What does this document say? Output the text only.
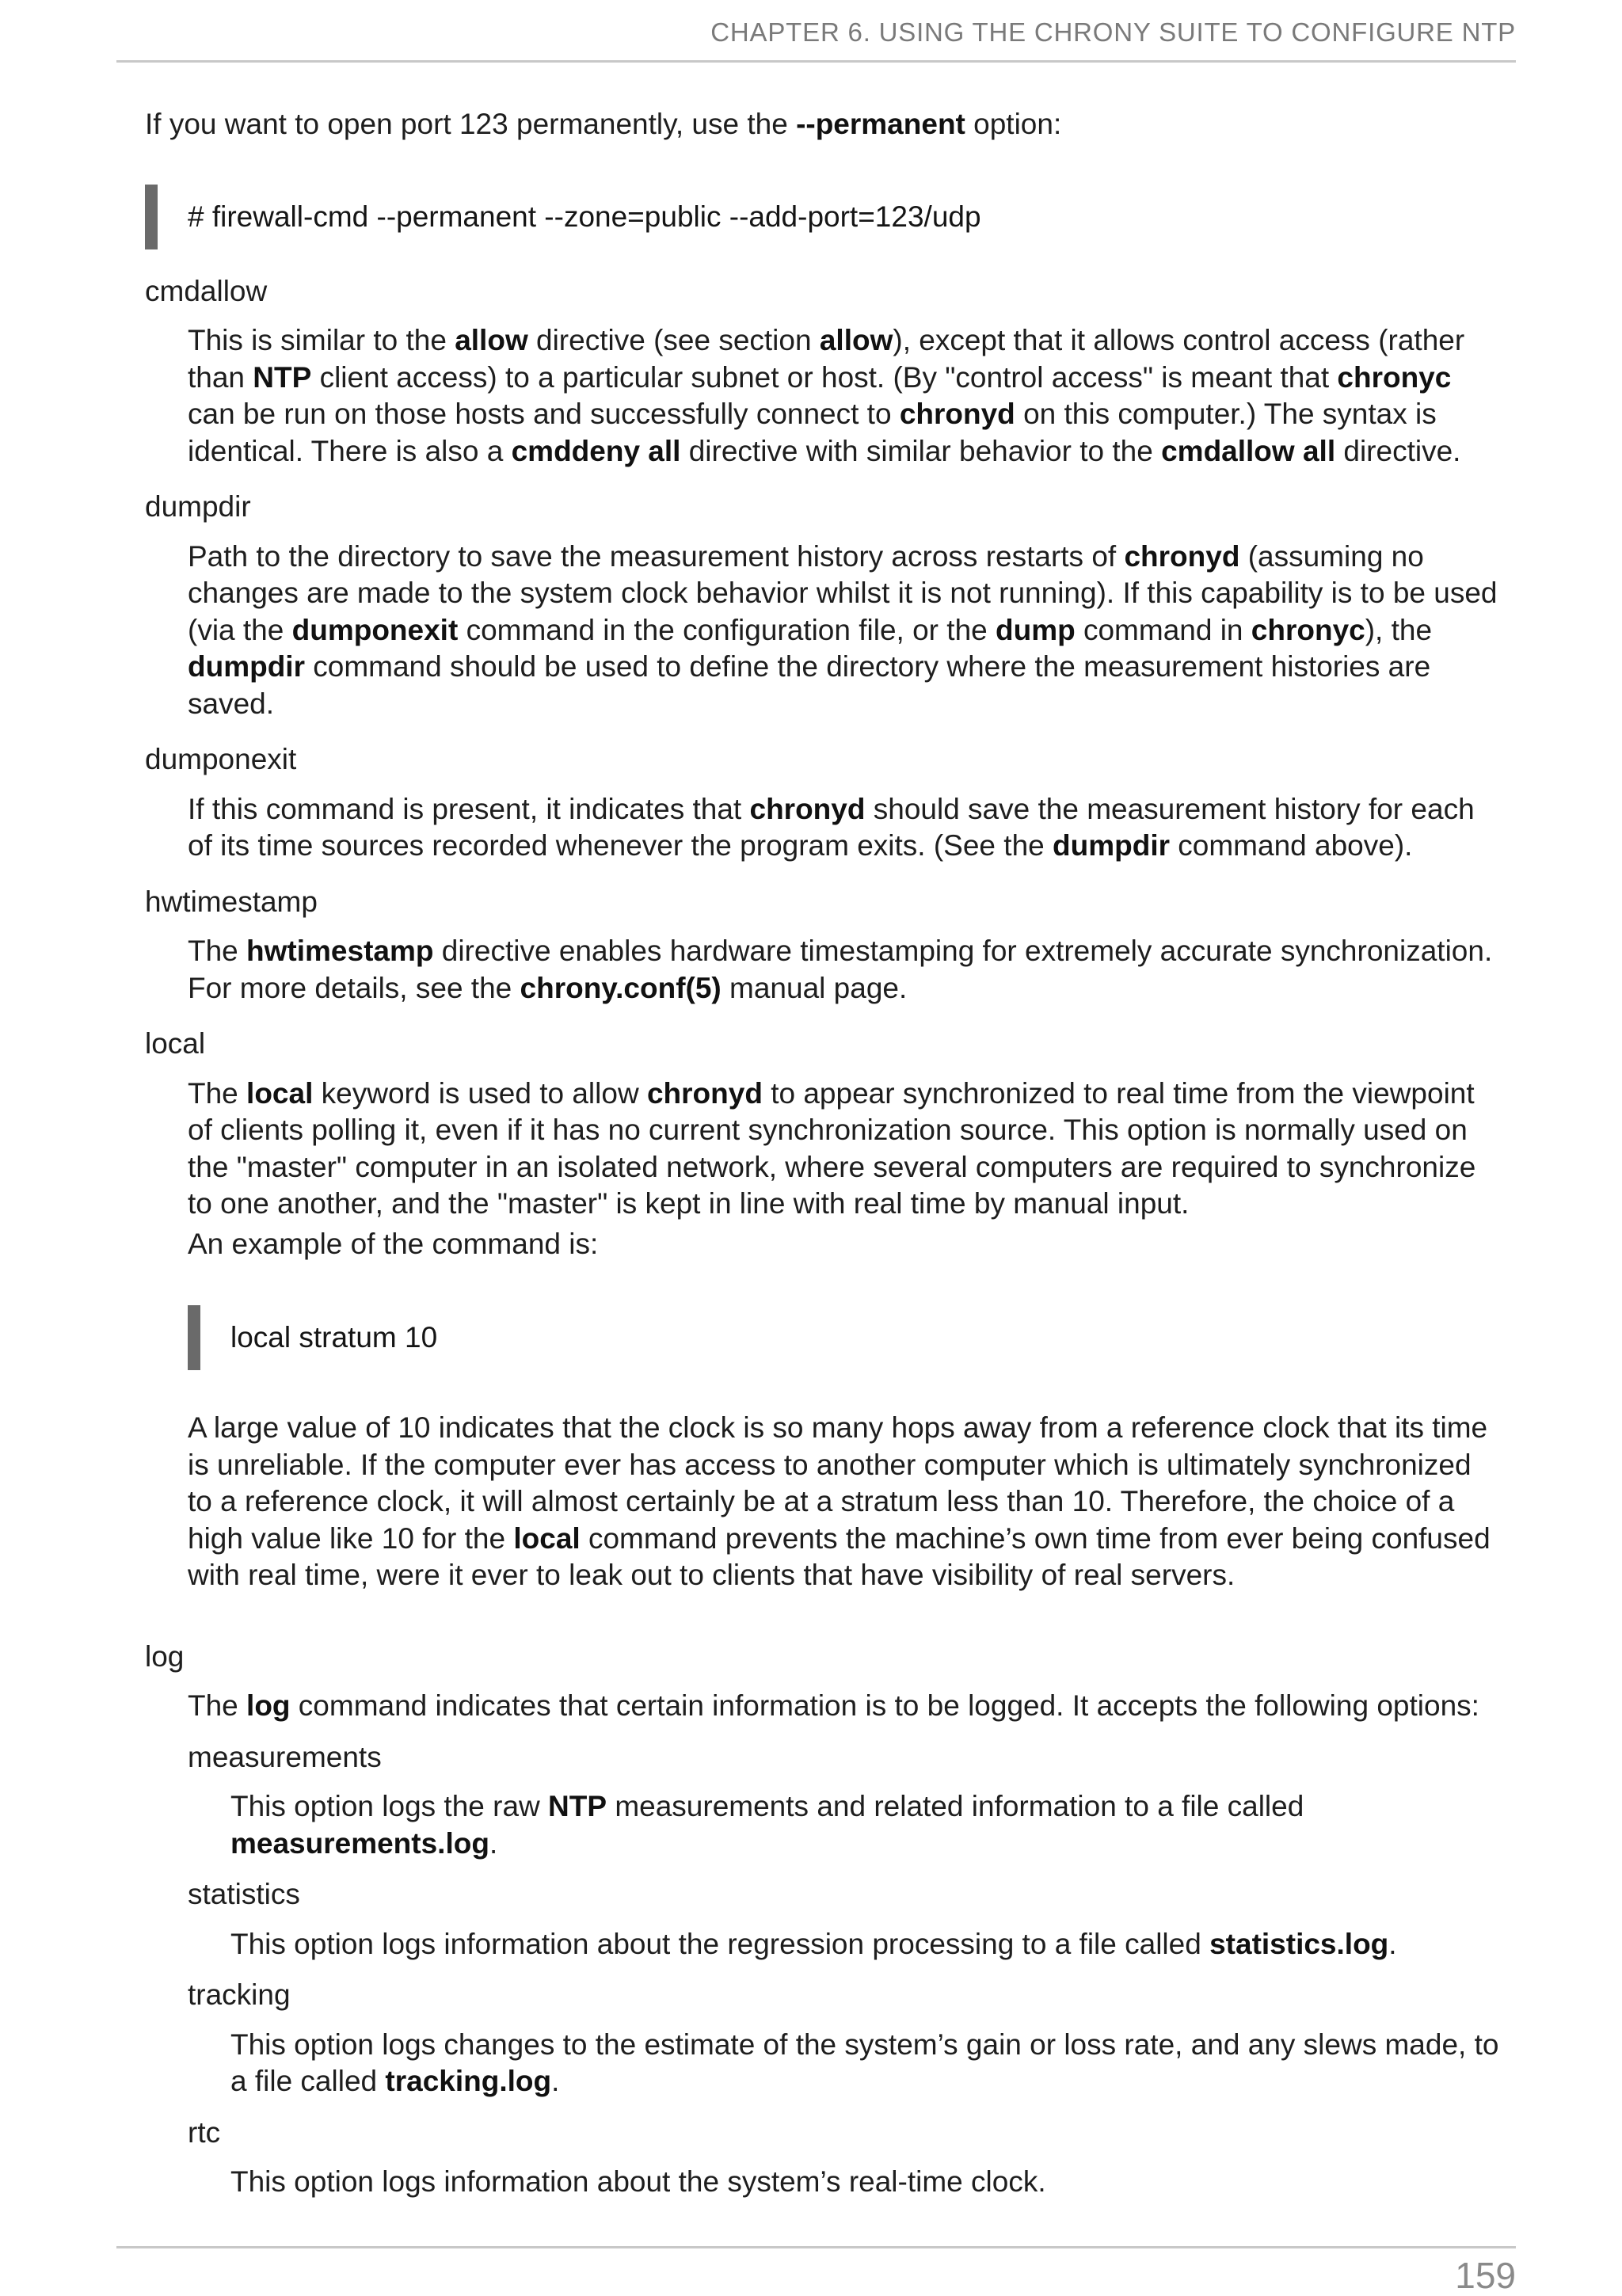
CHAPTER 6. USING THE CHRONY SUITE TO CONFIGURE NTP

If you want to open port 123 permanently, use the --permanent option:

# firewall-cmd --permanent --zone=public --add-port=123/udp
cmdallow

This is similar to the allow directive (see section allow), except that it allows control access (rather than NTP client access) to a particular subnet or host. (By "control access" is meant that chronyc can be run on those hosts and successfully connect to chronyd on this computer.) The syntax is identical. There is also a cmddeny all directive with similar behavior to the cmdallow all directive.

dumpdir

Path to the directory to save the measurement history across restarts of chronyd (assuming no changes are made to the system clock behavior whilst it is not running). If this capability is to be used (via the dumponexit command in the configuration file, or the dump command in chronyc), the dumpdir command should be used to define the directory where the measurement histories are saved.

dumponexit

If this command is present, it indicates that chronyd should save the measurement history for each of its time sources recorded whenever the program exits. (See the dumpdir command above).

hwtimestamp

The hwtimestamp directive enables hardware timestamping for extremely accurate synchronization. For more details, see the chrony.conf(5) manual page.

local

The local keyword is used to allow chronyd to appear synchronized to real time from the viewpoint of clients polling it, even if it has no current synchronization source. This option is normally used on the "master" computer in an isolated network, where several computers are required to synchronize to one another, and the "master" is kept in line with real time by manual input.

An example of the command is:

local stratum 10

A large value of 10 indicates that the clock is so many hops away from a reference clock that its time is unreliable. If the computer ever has access to another computer which is ultimately synchronized to a reference clock, it will almost certainly be at a stratum less than 10. Therefore, the choice of a high value like 10 for the local command prevents the machine’s own time from ever being confused with real time, were it ever to leak out to clients that have visibility of real servers.

log

The log command indicates that certain information is to be logged. It accepts the following options:

measurements

This option logs the raw NTP measurements and related information to a file called measurements.log.

statistics

This option logs information about the regression processing to a file called statistics.log.

tracking

This option logs changes to the estimate of the system’s gain or loss rate, and any slews made, to a file called tracking.log.

rtc

This option logs information about the system’s real-time clock.

159
